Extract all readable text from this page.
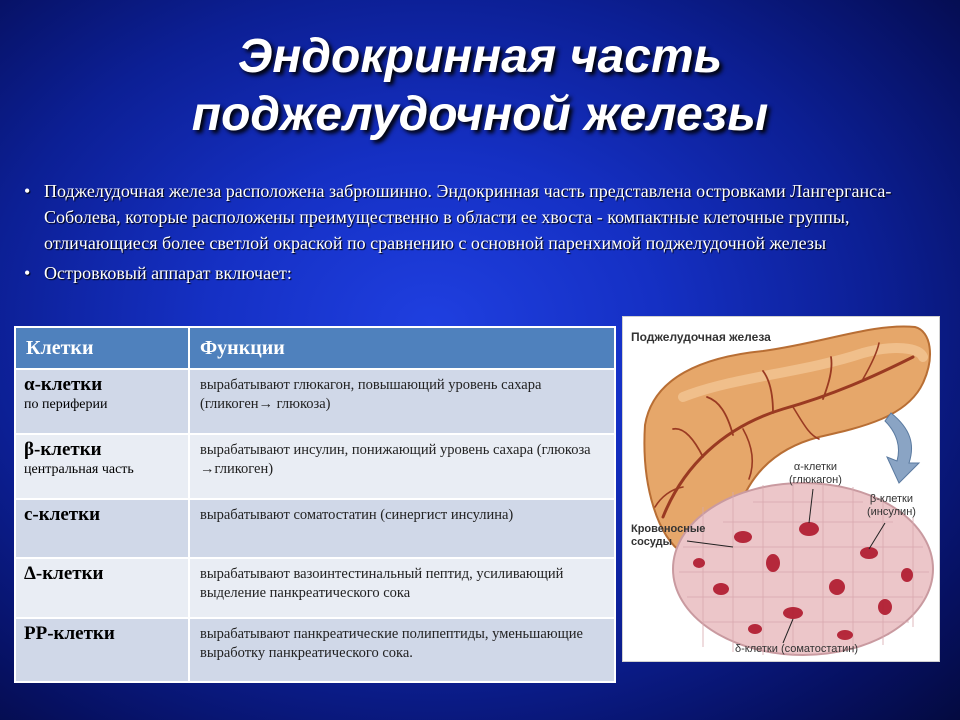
Эндокринная часть
поджелудочной железы
• Поджелудочная железа расположена забрюшинно. Эндокринная часть представлена островками Лангерганса-Соболева, которые расположены преимущественно в области ее хвоста - компактные клеточные группы, отличающиеся более светлой окраской по сравнению с основной паренхимой поджелудочной железы
• Островковый аппарат включает:
Клетки	Функции

α-клетки
по периферии	вырабатывают глюкагон, повышающий уровень сахара (гликоген→ глюкоза)

β-клетки
центральная часть	вырабатывают инсулин, понижающий уровень сахара (глюкоза →гликоген)

с-клетки	вырабатывают соматостатин (синергист инсулина)

Δ-клетки	вырабатывают вазоинтестинальный пептид, усиливающий выделение панкреатического сока

РР-клетки	вырабатывают панкреатические полипептиды, уменьшающие выработку панкреатического сока.
Поджелудочная железа
α-клетки
(глюкагон)
β-клетки
(инсулин)
Кровеносные
сосуды
δ-клетки (соматостатин)
